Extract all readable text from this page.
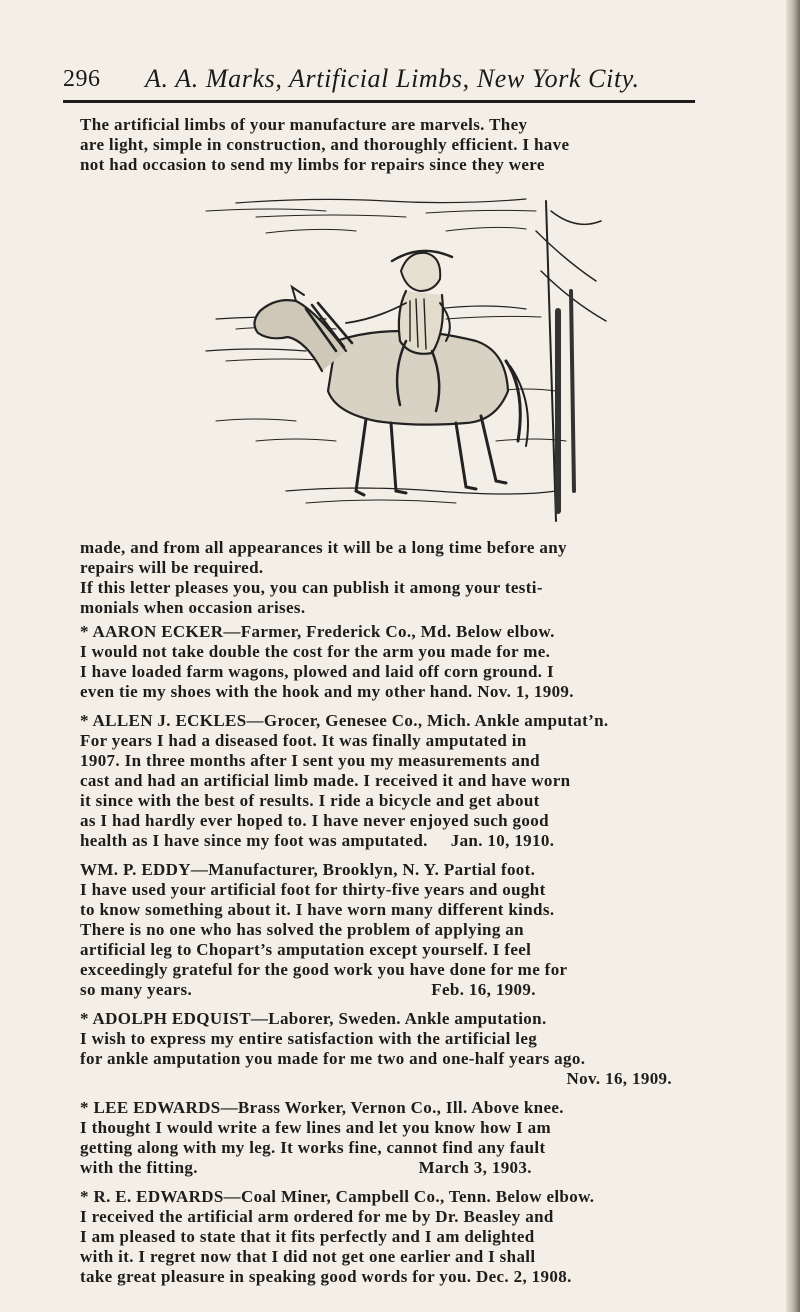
296 A. A. Marks, Artificial Limbs, New York City.
The artificial limbs of your manufacture are marvels. They
are light, simple in construction, and thoroughly efficient. I have
not had occasion to send my limbs for repairs since they were
made, and from all appearances it will be a long time before any
repairs will be required.
If this letter pleases you, you can publish it among your testi-
monials when occasion arises.
* AARON ECKER—Farmer, Frederick Co., Md. Below elbow.
I would not take double the cost for the arm you made for me.
I have loaded farm wagons, plowed and laid off corn ground. I
even tie my shoes with the hook and my other hand. Nov. 1, 1909.
* ALLEN J. ECKLES—Grocer, Genesee Co., Mich. Ankle amputat’n.
For years I had a diseased foot. It was finally amputated in
1907. In three months after I sent you my measurements and
cast and had an artificial limb made. I received it and have worn
it since with the best of results. I ride a bicycle and get about
as I had hardly ever hoped to. I have never enjoyed such good
health as I have since my foot was amputated.     Jan. 10, 1910.
WM. P. EDDY—Manufacturer, Brooklyn, N. Y. Partial foot.
I have used your artificial foot for thirty-five years and ought
to know something about it. I have worn many different kinds.
There is no one who has solved the problem of applying an
artificial leg to Chopart’s amputation except yourself. I feel
exceedingly grateful for the good work you have done for me for
so many years.                                                    Feb. 16, 1909.
* ADOLPH EDQUIST—Laborer, Sweden. Ankle amputation.
I wish to express my entire satisfaction with the artificial leg
for ankle amputation you made for me two and one-half years ago.
Nov. 16, 1909.
* LEE EDWARDS—Brass Worker, Vernon Co., Ill. Above knee.
I thought I would write a few lines and let you know how I am
getting along with my leg. It works fine, cannot find any fault
with the fitting.                                                March 3, 1903.
* R. E. EDWARDS—Coal Miner, Campbell Co., Tenn. Below elbow.
I received the artificial arm ordered for me by Dr. Beasley and
I am pleased to state that it fits perfectly and I am delighted
with it. I regret now that I did not get one earlier and I shall
take great pleasure in speaking good words for you. Dec. 2, 1908.
